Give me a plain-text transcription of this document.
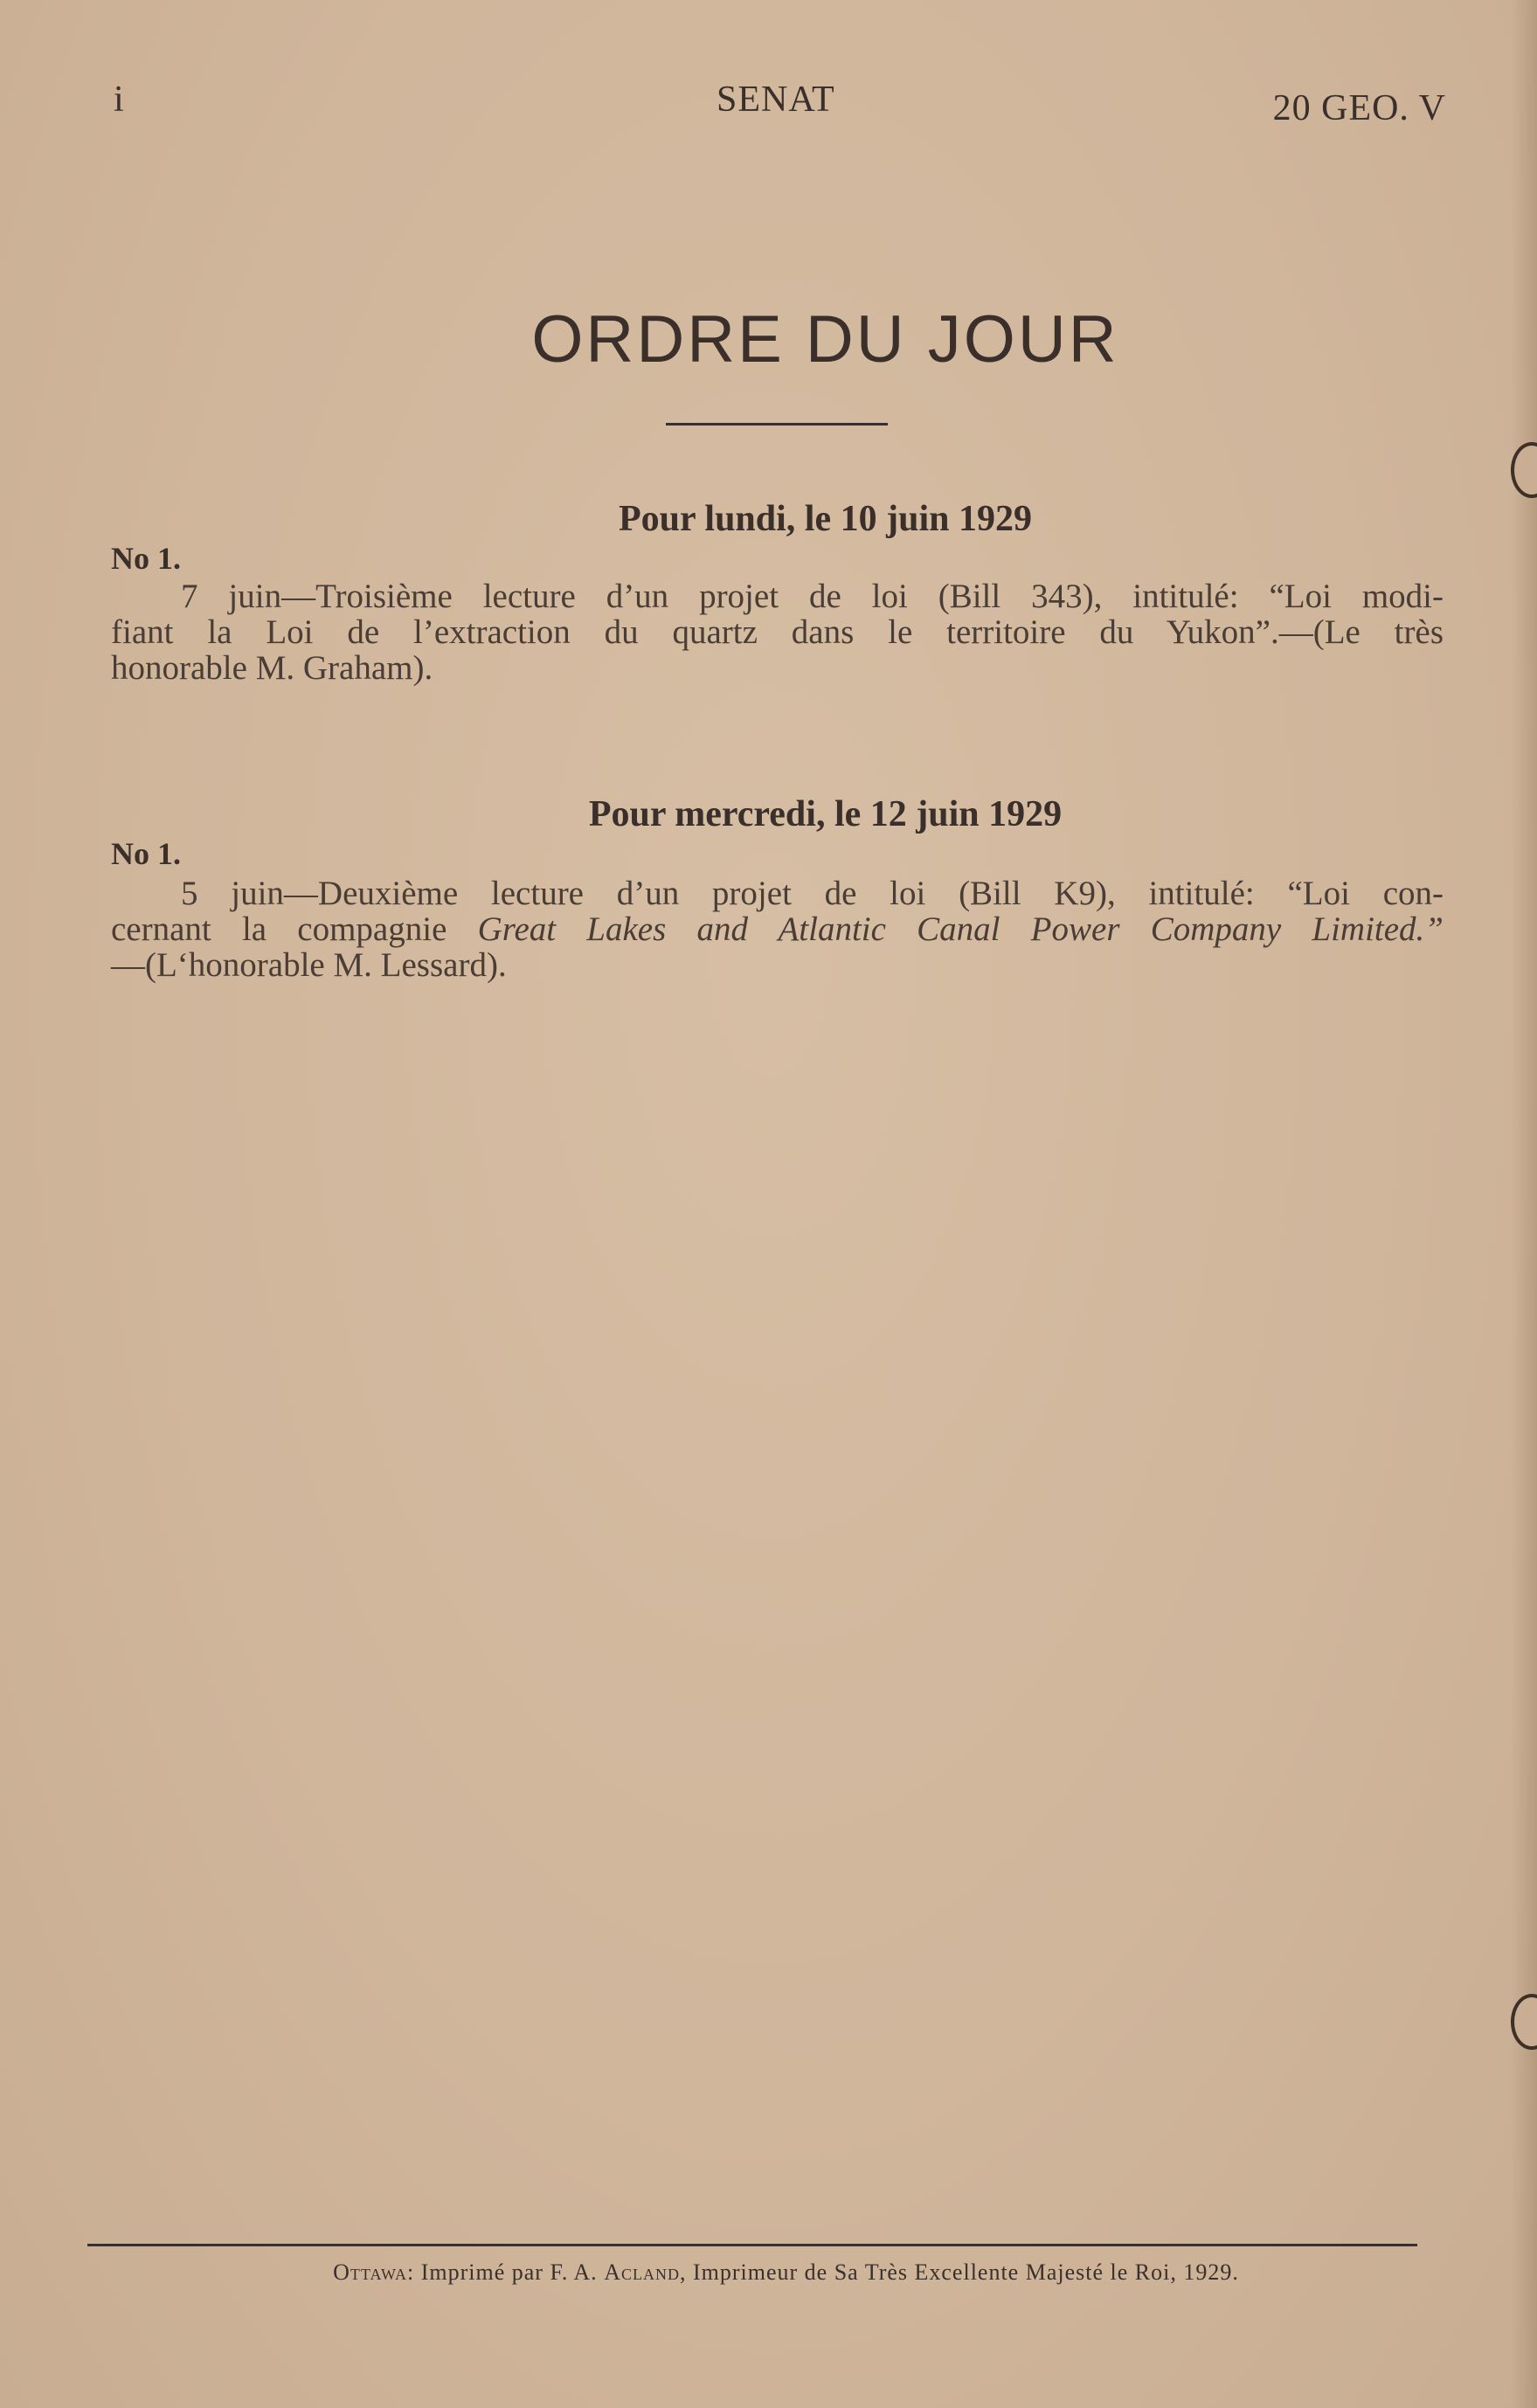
i	SENAT	20 GEO. V
ORDRE DU JOUR
Pour lundi, le 10 juin 1929
No 1.
7 juin—Troisième lecture d’un projet de loi (Bill 343), intitulé: “Loi modi-
fiant la Loi de l’extraction du quartz dans le territoire du Yukon”.—(Le très
honorable M. Graham).
Pour mercredi, le 12 juin 1929
No 1.
5 juin—Deuxième lecture d’un projet de loi (Bill K9), intitulé: “Loi con-
cernant la compagnie Great Lakes and Atlantic Canal Power Company Limited.”
—(L‘honorable M. Lessard).
Ottawa: Imprimé par F. A. Acland, Imprimeur de Sa Très Excellente Majesté le Roi, 1929.
